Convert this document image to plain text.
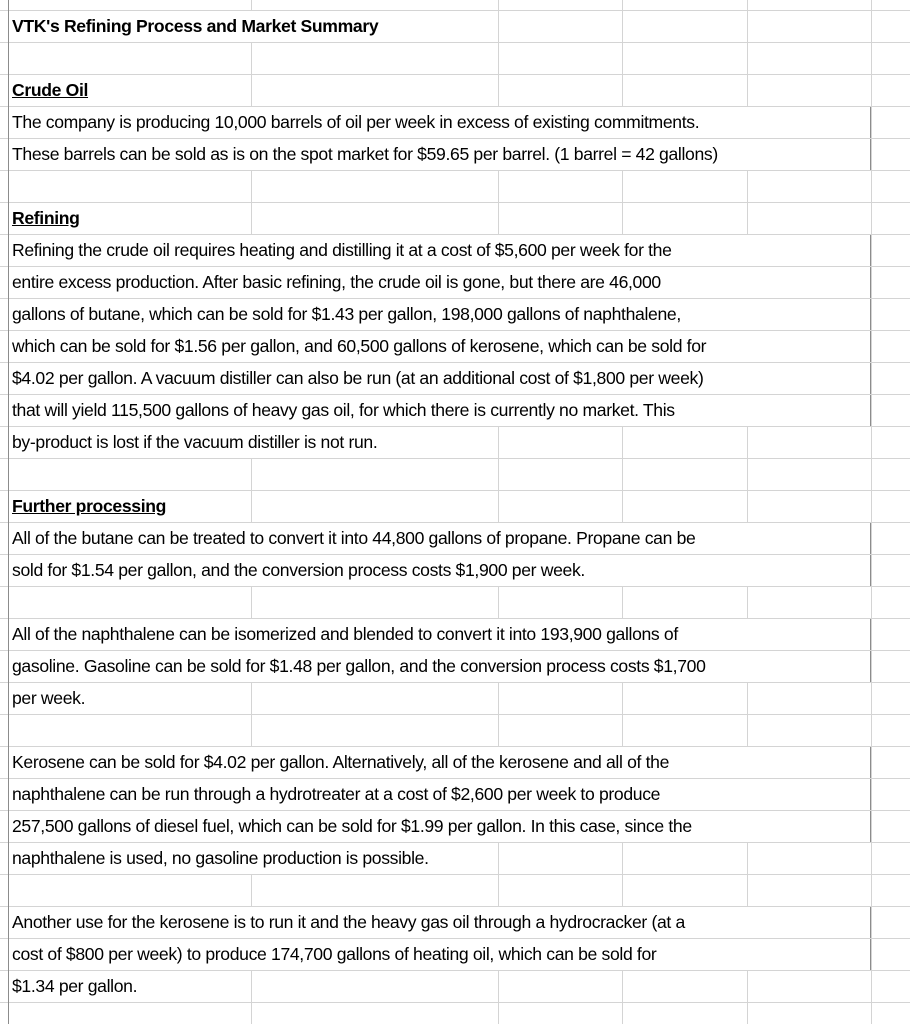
VTK's Refining Process and Market Summary
Crude Oil
The company is producing 10,000 barrels of oil per week in excess of existing commitments.
These barrels can be sold as is on the spot market for $59.65 per barrel. (1 barrel = 42 gallons)
Refining
Refining the crude oil requires heating and distilling it at a cost of $5,600 per week for the
entire excess production. After basic refining, the crude oil is gone, but there are 46,000
gallons of butane, which can be sold for $1.43 per gallon, 198,000 gallons of naphthalene,
which can be sold for $1.56 per gallon, and 60,500 gallons of kerosene, which can be sold for
$4.02 per gallon. A vacuum distiller can also be run (at an additional cost of $1,800 per week)
that will yield 115,500 gallons of heavy gas oil, for which there is currently no market. This
by-product is lost if the vacuum distiller is not run.
Further processing
All of the butane can be treated to convert it into 44,800 gallons of propane. Propane can be
sold for $1.54 per gallon, and the conversion process costs $1,900 per week.
All of the naphthalene can be isomerized and blended to convert it into 193,900 gallons of
gasoline. Gasoline can be sold for $1.48 per gallon, and the conversion process costs $1,700
per week.
Kerosene can be sold for $4.02 per gallon. Alternatively, all of the kerosene and all of the
naphthalene can be run through a hydrotreater at a cost of $2,600 per week to produce
257,500 gallons of diesel fuel, which can be sold for $1.99 per gallon. In this case, since the
naphthalene is used, no gasoline production is possible.
Another use for the kerosene is to run it and the heavy gas oil through a hydrocracker (at a
cost of $800 per week) to produce 174,700 gallons of heating oil, which can be sold for
$1.34 per gallon.
